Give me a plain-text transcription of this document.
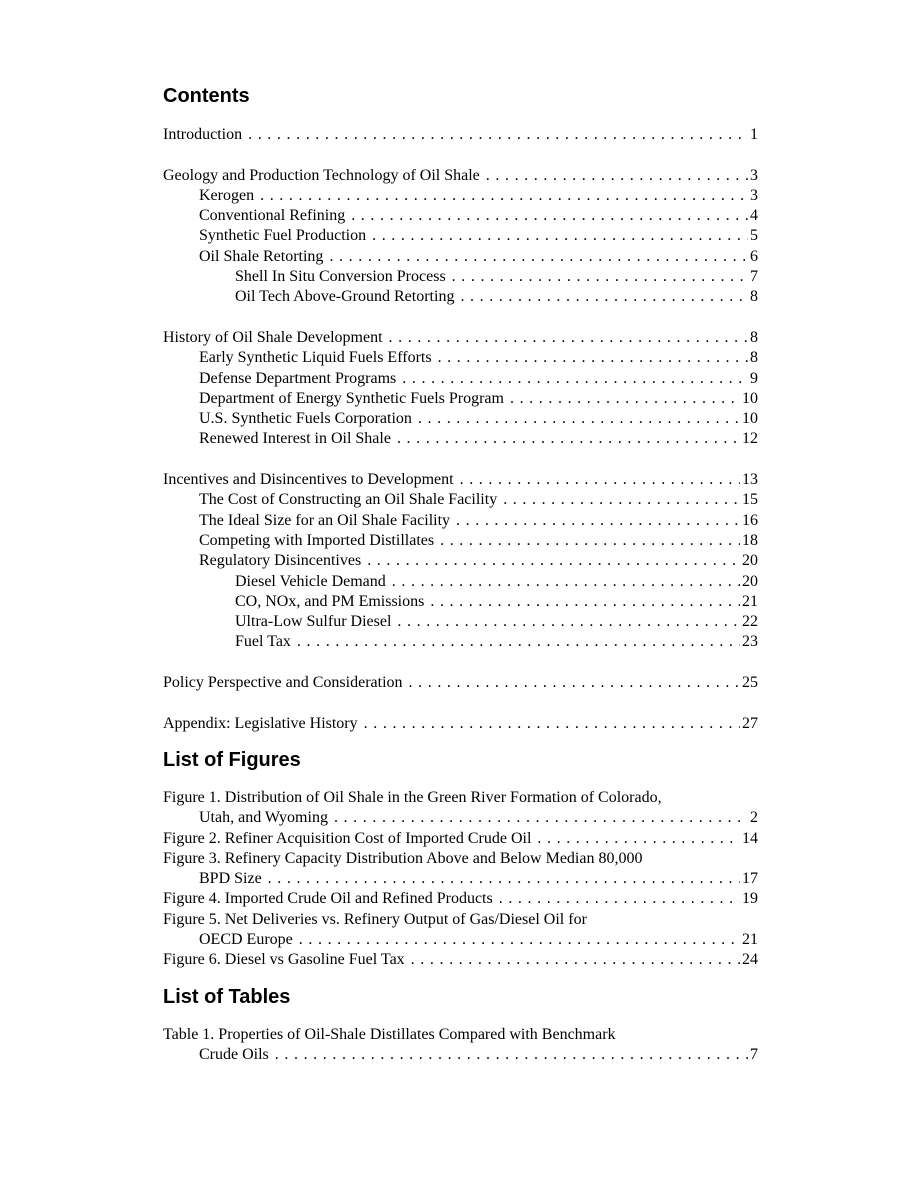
Contents
Introduction . . .	1
Geology and Production Technology of Oil Shale . . .	3
Kerogen . . .	3
Conventional Refining . . .	4
Synthetic Fuel Production . . .	5
Oil Shale Retorting . . .	6
Shell In Situ Conversion Process . . .	7
Oil Tech Above-Ground Retorting . . .	8
History of Oil Shale Development . . .	8
Early Synthetic Liquid Fuels Efforts . . .	8
Defense Department Programs . . .	9
Department of Energy Synthetic Fuels Program . . .	10
U.S. Synthetic Fuels Corporation . . .	10
Renewed Interest in Oil Shale . . .	12
Incentives and Disincentives to Development . . .	13
The Cost of Constructing an Oil Shale Facility . . .	15
The Ideal Size for an Oil Shale Facility . . .	16
Competing with Imported Distillates . . .	18
Regulatory Disincentives . . .	20
Diesel Vehicle Demand . . .	20
CO, NOx, and PM Emissions . . .	21
Ultra-Low Sulfur Diesel . . .	22
Fuel Tax . . .	23
Policy Perspective and Consideration . . .	25
Appendix: Legislative History . . .	27
List of Figures
Figure 1. Distribution of Oil Shale in the Green River Formation of Colorado,
Utah, and Wyoming . . .	2
Figure 2. Refiner Acquisition Cost of Imported Crude Oil . . .	14
Figure 3. Refinery Capacity Distribution Above and Below Median 80,000
BPD Size . . .	17
Figure 4. Imported Crude Oil and Refined Products . . .	19
Figure 5. Net Deliveries vs. Refinery Output of Gas/Diesel Oil for
OECD Europe . . .	21
Figure 6. Diesel vs Gasoline Fuel Tax . . .	24
List of Tables
Table 1. Properties of Oil-Shale Distillates Compared with Benchmark
Crude Oils . . .	7
